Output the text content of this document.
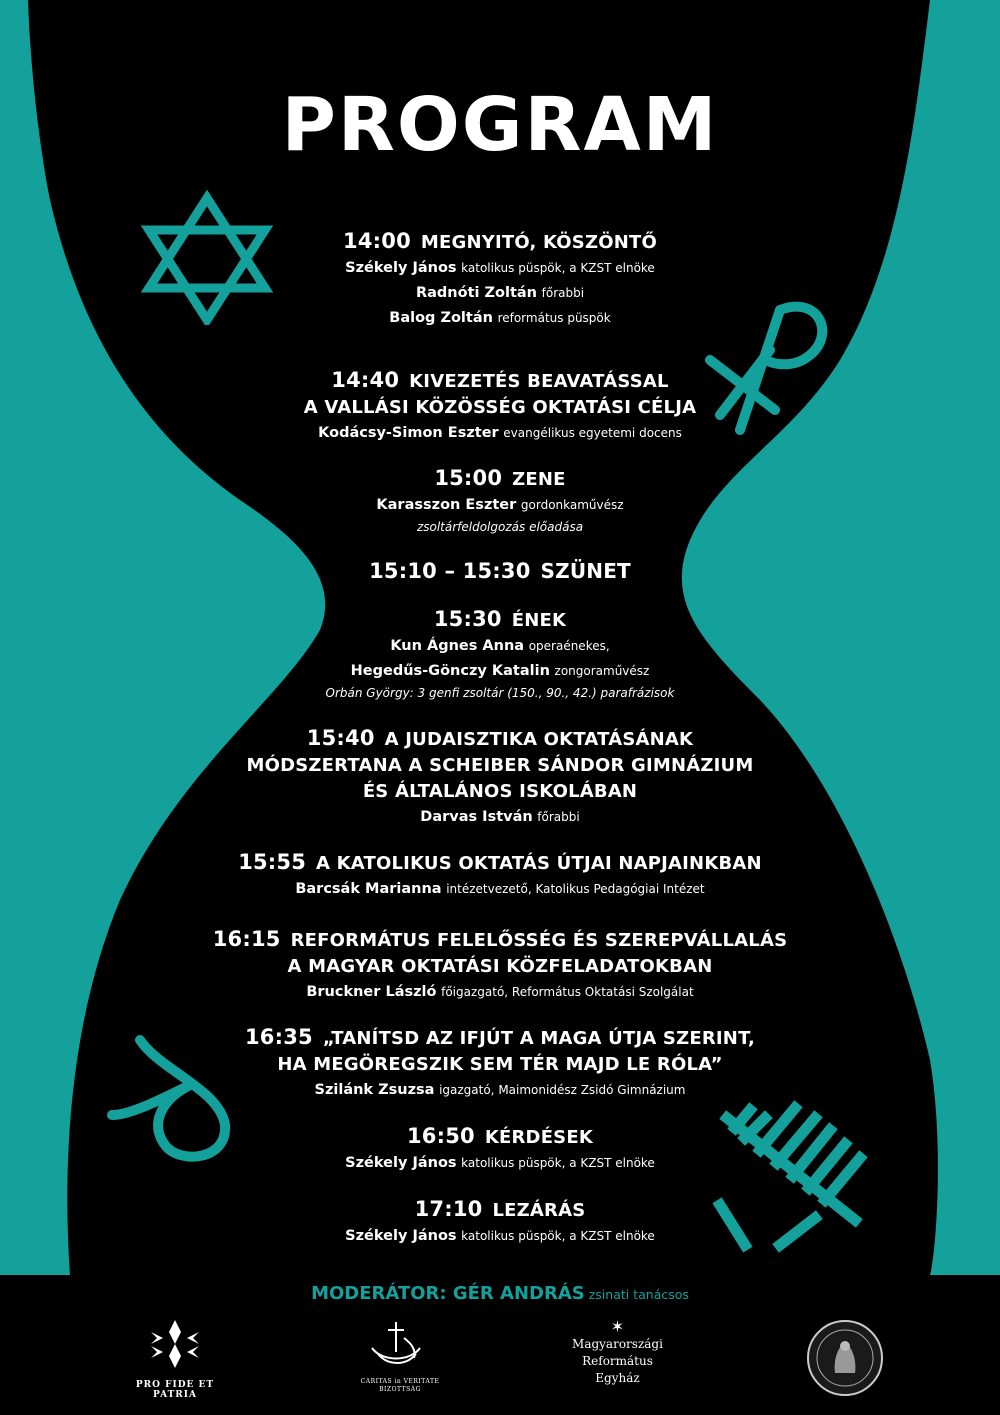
PROGRAM
14:00 MEGNYITÓ, KÖSZÖNTŐ
Székely János katolikus püspök, a KZST elnöke
Radnóti Zoltán főrabbi
Balog Zoltán református püspök
14:40 KIVEZETÉS BEAVATÁSSAL
A VALLÁSI KÖZÖSSÉG OKTATÁSI CÉLJA
Kodácsy-Simon Eszter evangélikus egyetemi docens
15:00 ZENE
Karasszon Eszter gordonkaművész
zsoltárfeldolgozás előadása
15:10 – 15:30 SZÜNET
15:30 ÉNEK
Kun Ágnes Anna operaénekes,
Hegedűs-Gönczy Katalin zongoraművész
Orbán György: 3 genfi zsoltár (150., 90., 42.) parafrázisok
15:40 A JUDAISZTIKA OKTATÁSÁNAK
MÓDSZERTANA A SCHEIBER SÁNDOR GIMNÁZIUM
ÉS ÁLTALÁNOS ISKOLÁBAN
Darvas István főrabbi
15:55 A KATOLIKUS OKTATÁS ÚTJAI NAPJAINKBAN
Barcsák Marianna intézetvezető, Katolikus Pedagógiai Intézet
16:15 REFORMÁTUS FELELŐSSÉG ÉS SZEREPVÁLLALÁS
A MAGYAR OKTATÁSI KÖZFELADATOKBAN
Bruckner László főigazgató, Református Oktatási Szolgálat
16:35 „TANÍTSD AZ IFJÚT A MAGA ÚTJA SZERINT,
HA MEGÖREGSZIK SEM TÉR MAJD LE RÓLA”
Szilánk Zsuzsa igazgató, Maimonidész Zsidó Gimnázium
16:50 KÉRDÉSEK
Székely János katolikus püspök, a KZST elnöke
17:10 LEZÁRÁS
Székely János katolikus püspök, a KZST elnöke
MODERÁTOR: GÉR ANDRÁS zsinati tanácsos
PRO FIDE ET PATRIA
CARITAS in VERITATE BIZOTTSÁG
✶
Magyarországi
Református
Egyház
